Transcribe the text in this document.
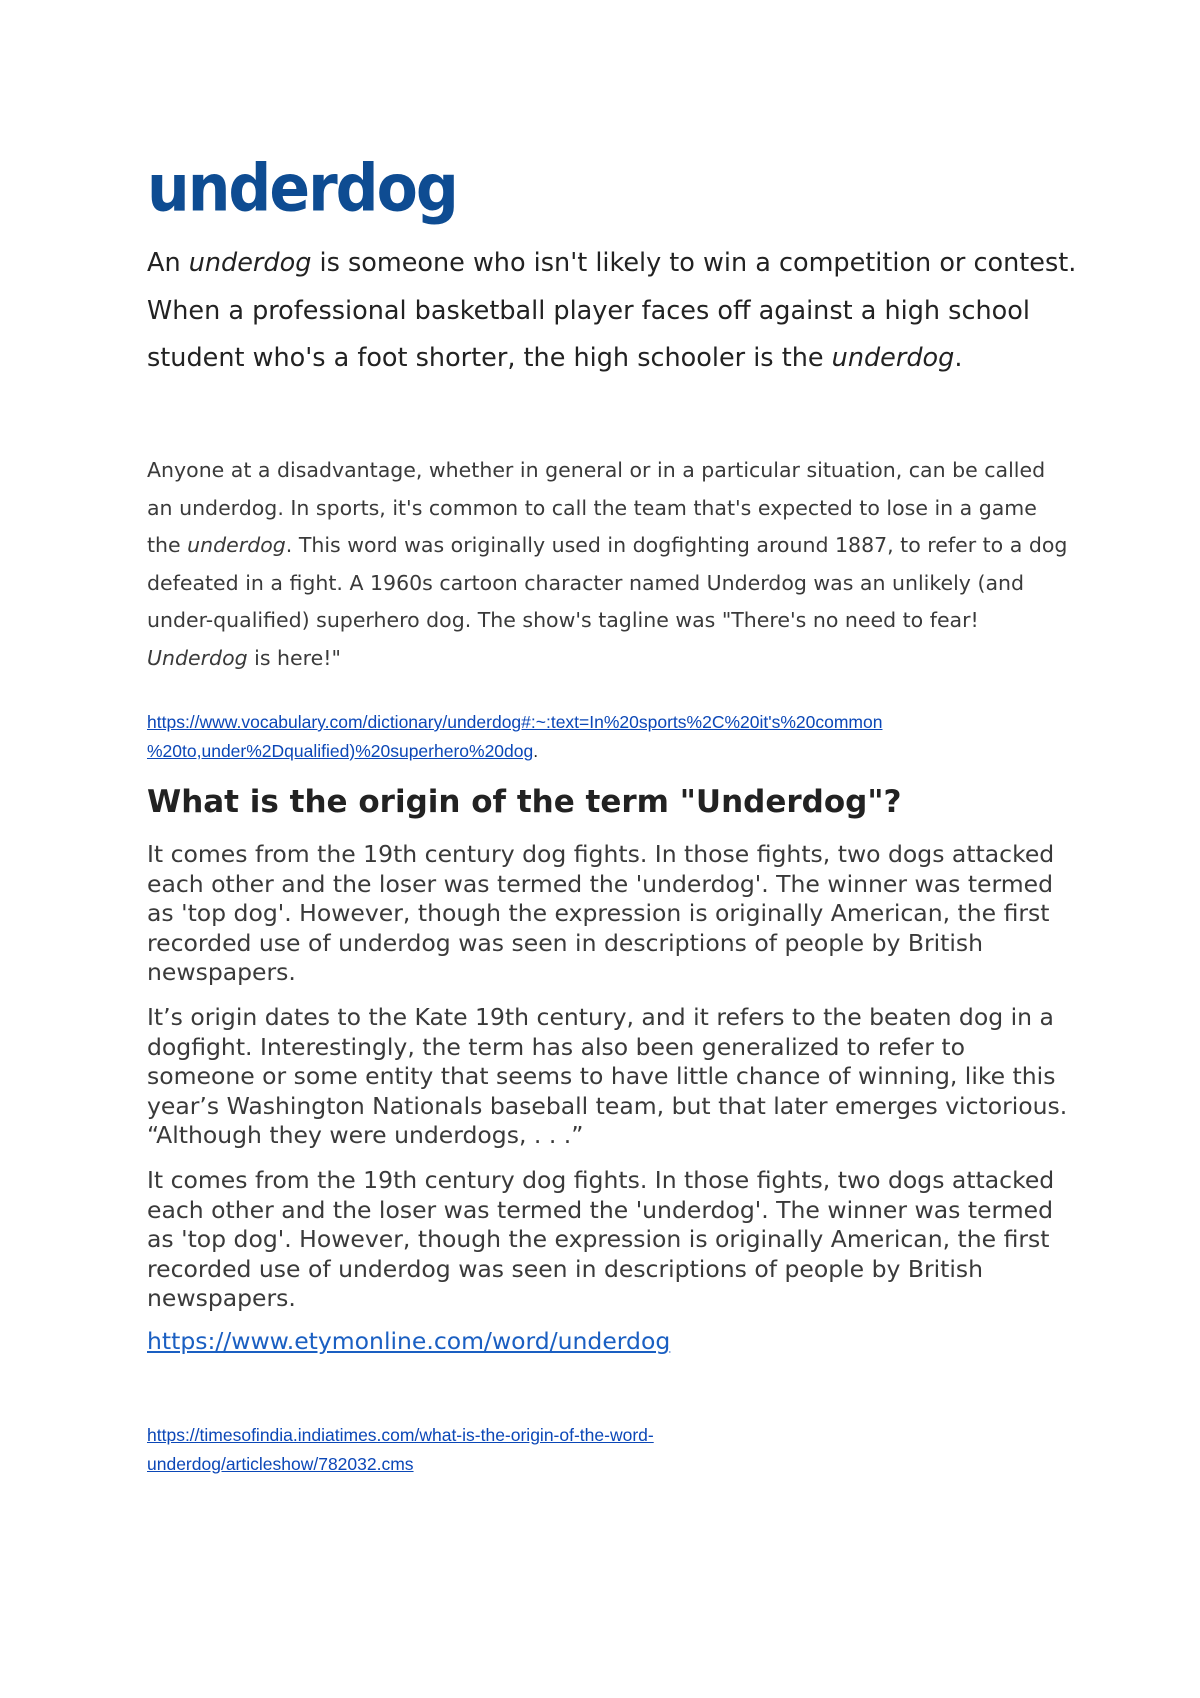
underdog

An underdog is someone who isn't likely to win a competition or contest. When a professional basketball player faces off against a high school student who's a foot shorter, the high schooler is the underdog.

Anyone at a disadvantage, whether in general or in a particular situation, can be called an underdog. In sports, it's common to call the team that's expected to lose in a game the underdog. This word was originally used in dogfighting around 1887, to refer to a dog defeated in a fight. A 1960s cartoon character named Underdog was an unlikely (and under-qualified) superhero dog. The show's tagline was "There's no need to fear! Underdog is here!"

https://www.vocabulary.com/dictionary/underdog#:~:text=In%20sports%2C%20it's%20common
%20to,under%2Dqualified)%20superhero%20dog.

What is the origin of the term "Underdog"?

It comes from the 19th century dog fights. In those fights, two dogs attacked each other and the loser was termed the 'underdog'. The winner was termed as 'top dog'. However, though the expression is originally American, the first recorded use of underdog was seen in descriptions of people by British newspapers.

It’s origin dates to the Kate 19th century, and it refers to the beaten dog in a dogfight. Interestingly, the term has also been generalized to refer to someone or some entity that seems to have little chance of winning, like this year’s Washington Nationals baseball team, but that later emerges victorious. “Although they were underdogs, . . .”

It comes from the 19th century dog fights. In those fights, two dogs attacked each other and the loser was termed the 'underdog'. The winner was termed as 'top dog'. However, though the expression is originally American, the first recorded use of underdog was seen in descriptions of people by British newspapers.

https://www.etymonline.com/word/underdog

https://timesofindia.indiatimes.com/what-is-the-origin-of-the-word-
underdog/articleshow/782032.cms
